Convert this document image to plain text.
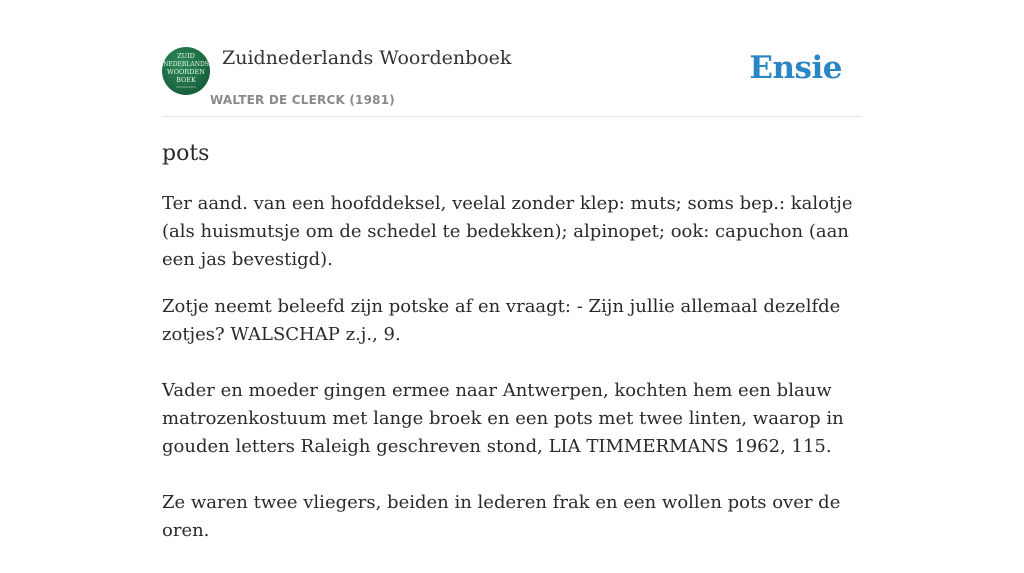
ZUID
NEDERLANDS
WOORDEN
BOEK
Zuidnederlands Woordenboek
WALTER DE CLERCK (1981)
Ensie
pots

Ter aand. van een hoofddeksel, veelal zonder klep: muts; soms bep.: kalotje (als huismutsje om de schedel te bedekken); alpinopet; ook: capuchon (aan een jas bevestigd).

Zotje neemt beleefd zijn potske af en vraagt: - Zijn jullie allemaal dezelfde zotjes? WALSCHAP z.j., 9.

Vader en moeder gingen ermee naar Antwerpen, kochten hem een blauw matrozenkostuum met lange broek en een pots met twee linten, waarop in gouden letters Raleigh geschreven stond, LIA TIMMERMANS 1962, 115.

Ze waren twee vliegers, beiden in lederen frak en een wollen pots over de oren.
